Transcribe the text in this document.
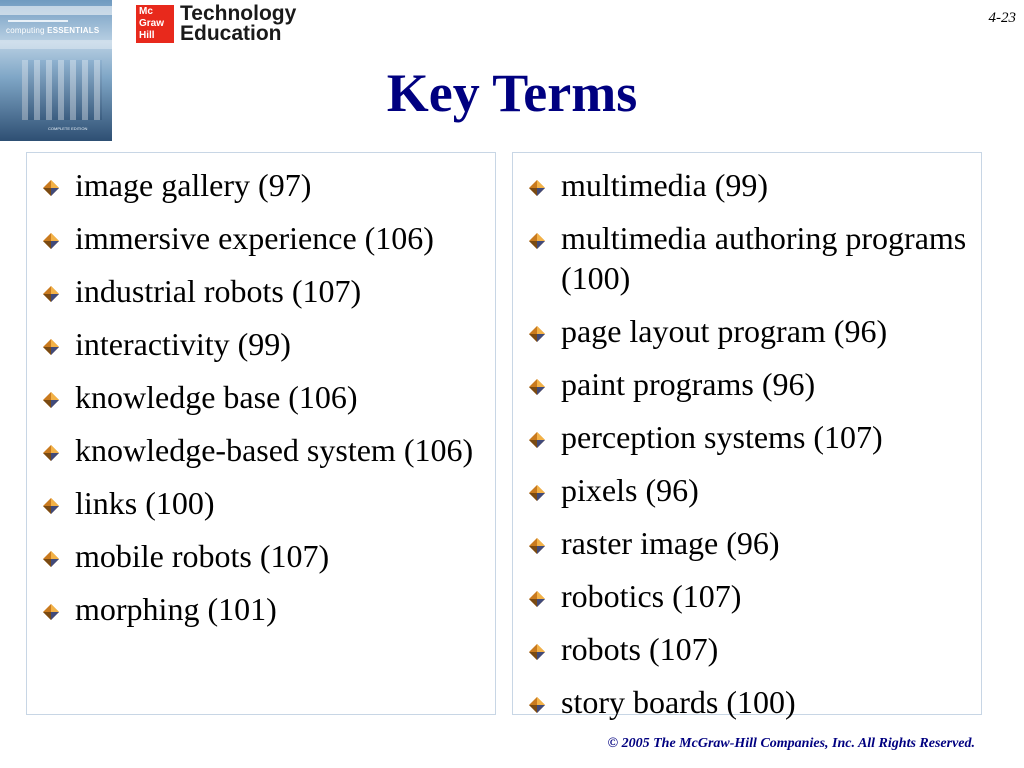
computing ESSENTIALS
COMPLETE EDITION
Mc
Graw
Hill
Technology
Education
4-23
Key Terms
image gallery (97)
immersive experience (106)
industrial robots (107)
interactivity (99)
knowledge base (106)
knowledge-based system (106)
links (100)
mobile robots (107)
morphing (101)
multimedia (99)
multimedia authoring programs (100)
page layout program (96)
paint programs (96)
perception systems (107)
pixels (96)
raster image (96)
robotics (107)
robots (107)
story boards (100)
© 2005 The McGraw-Hill Companies, Inc. All Rights Reserved.
